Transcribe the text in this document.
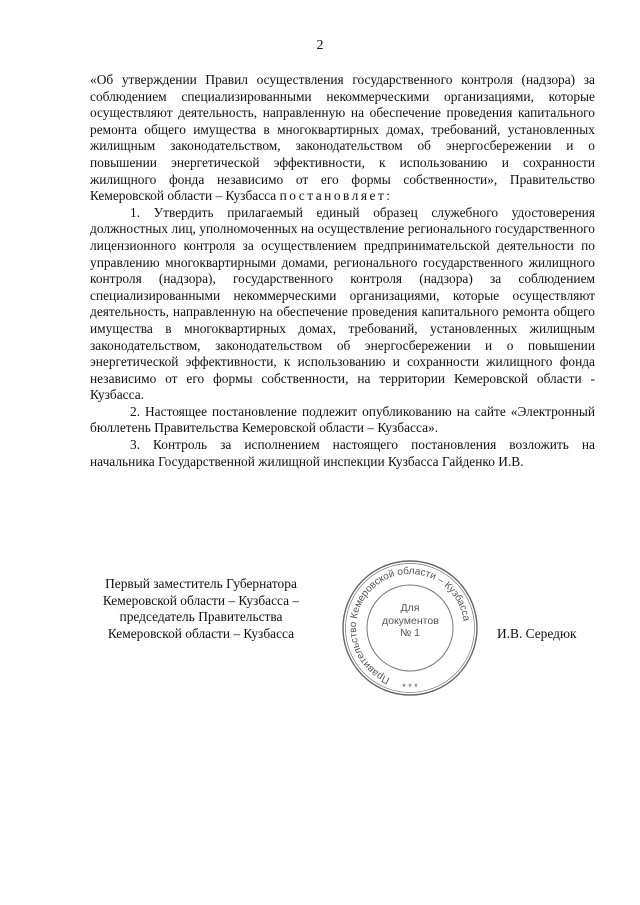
2

«Об утверждении Правил осуществления государственного контроля (надзора) за соблюдением специализированными некоммерческими организациями, которые осуществляют деятельность, направленную на обеспечение проведения капитального ремонта общего имущества в многоквартирных домах, требований, установленных жилищным законодательством, законодательством об энергосбережении и о повышении энергетической эффективности, к использованию и сохранности жилищного фонда независимо от его формы собственности», Правительство Кемеровской области – Кузбасса постановляет:

1. Утвердить прилагаемый единый образец служебного удостоверения должностных лиц, уполномоченных на осуществление регионального государственного лицензионного контроля за осуществлением предпринимательской деятельности по управлению многоквартирными домами, регионального государственного жилищного контроля (надзора), государственного контроля (надзора) за соблюдением специализированными некоммерческими организациями, которые осуществляют деятельность, направленную на обеспечение проведения капитального ремонта общего имущества в многоквартирных домах, требований, установленных жилищным законодательством, законодательством об энергосбережении и о повышении энергетической эффективности, к использованию и сохранности жилищного фонда независимо от его формы собственности, на территории Кемеровской области - Кузбасса.

2. Настоящее постановление подлежит опубликованию на сайте «Электронный бюллетень Правительства Кемеровской области – Кузбасса».

3. Контроль за исполнением настоящего постановления возложить на начальника Государственной жилищной инспекции Кузбасса Гайденко И.В.

Первый заместитель Губернатора
Кемеровской области – Кузбасса –
председатель Правительства
Кемеровской области – Кузбасса
Правительство Кемеровской области – Кузбасса
* * *
Для
документов
№ 1	И.В. Середюк
